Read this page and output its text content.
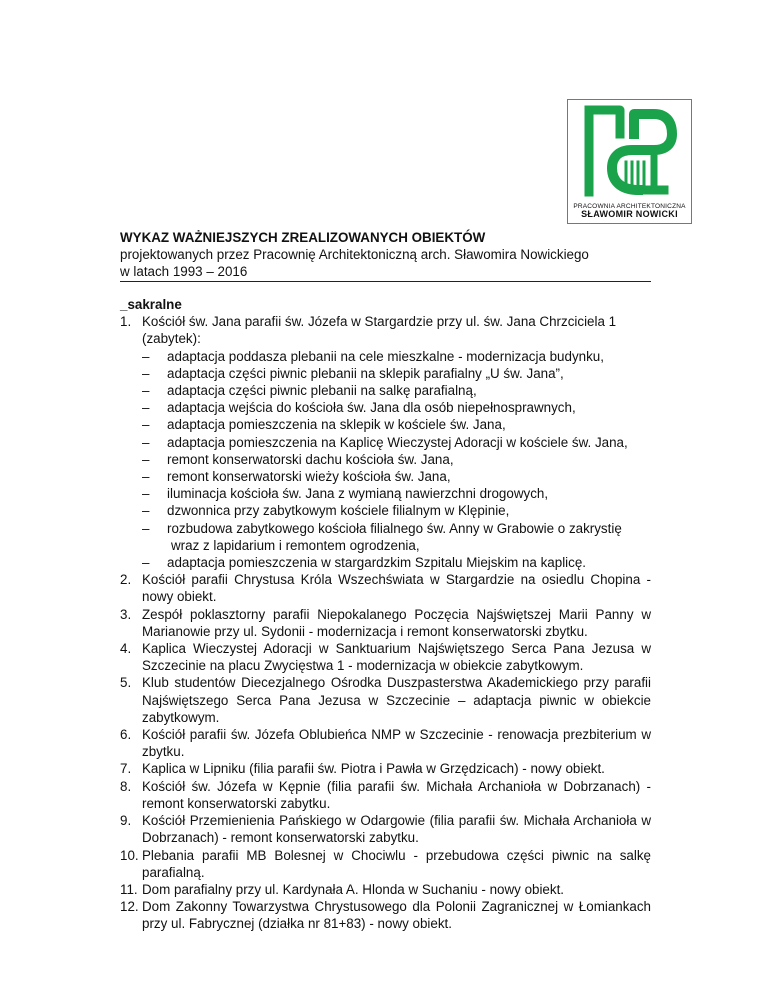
PRACOWNIA ARCHITEKTONICZNA
SŁAWOMIR NOWICKI
WYKAZ WAŻNIEJSZYCH ZREALIZOWANYCH OBIEKTÓW
projektowanych przez Pracownię Architektoniczną arch. Sławomira Nowickiego
w latach 1993 – 2016
_sakralne
1. Kościół św. Jana parafii św. Józefa w Stargardzie przy ul. św. Jana Chrzciciela 1 (zabytek):
– adaptacja poddasza plebanii na cele mieszkalne - modernizacja budynku,
– adaptacja części piwnic plebanii na sklepik parafialny „U św. Jana”,
– adaptacja części piwnic plebanii na salkę parafialną,
– adaptacja wejścia do kościoła św. Jana dla osób niepełnosprawnych,
– adaptacja pomieszczenia na sklepik w kościele św. Jana,
– adaptacja pomieszczenia na Kaplicę Wieczystej Adoracji w kościele św. Jana,
– remont konserwatorski dachu kościoła św. Jana,
– remont konserwatorski wieży kościoła św. Jana,
– iluminacja kościoła św. Jana z wymianą nawierzchni drogowych,
– dzwonnica przy zabytkowym kościele filialnym w Klępinie,
– rozbudowa zabytkowego kościoła filialnego św. Anny w Grabowie o zakrystię
wraz z lapidarium i remontem ogrodzenia,
– adaptacja pomieszczenia w stargardzkim Szpitalu Miejskim na kaplicę.
2. Kościół parafii Chrystusa Króla Wszechświata w Stargardzie na osiedlu Chopina - nowy obiekt.
3. Zespół poklasztorny parafii Niepokalanego Poczęcia Najświętszej Marii Panny w Marianowie przy ul. Sydonii - modernizacja i remont konserwatorski zbytku.
4. Kaplica Wieczystej Adoracji w Sanktuarium Najświętszego Serca Pana Jezusa w Szczecinie na placu Zwycięstwa 1 - modernizacja w obiekcie zabytkowym.
5. Klub studentów Diecezjalnego Ośrodka Duszpasterstwa Akademickiego przy parafii Najświętszego Serca Pana Jezusa w Szczecinie – adaptacja piwnic w obiekcie zabytkowym.
6. Kościół parafii św. Józefa Oblubieńca NMP w Szczecinie - renowacja prezbiterium w zbytku.
7. Kaplica w Lipniku (filia parafii św. Piotra i Pawła w Grzędzicach) - nowy obiekt.
8. Kościół św. Józefa w Kępnie (filia parafii św. Michała Archanioła w Dobrzanach) - remont konserwatorski zabytku.
9. Kościół Przemienienia Pańskiego w Odargowie (filia parafii św. Michała Archanioła w Dobrzanach) - remont konserwatorski zabytku.
10. Plebania parafii MB Bolesnej w Chociwlu - przebudowa części piwnic na salkę parafialną.
11. Dom parafialny przy ul. Kardynała A. Hlonda w Suchaniu - nowy obiekt.
12. Dom Zakonny Towarzystwa Chrystusowego dla Polonii Zagranicznej w Łomiankach przy ul. Fabrycznej (działka nr 81+83) - nowy obiekt.
